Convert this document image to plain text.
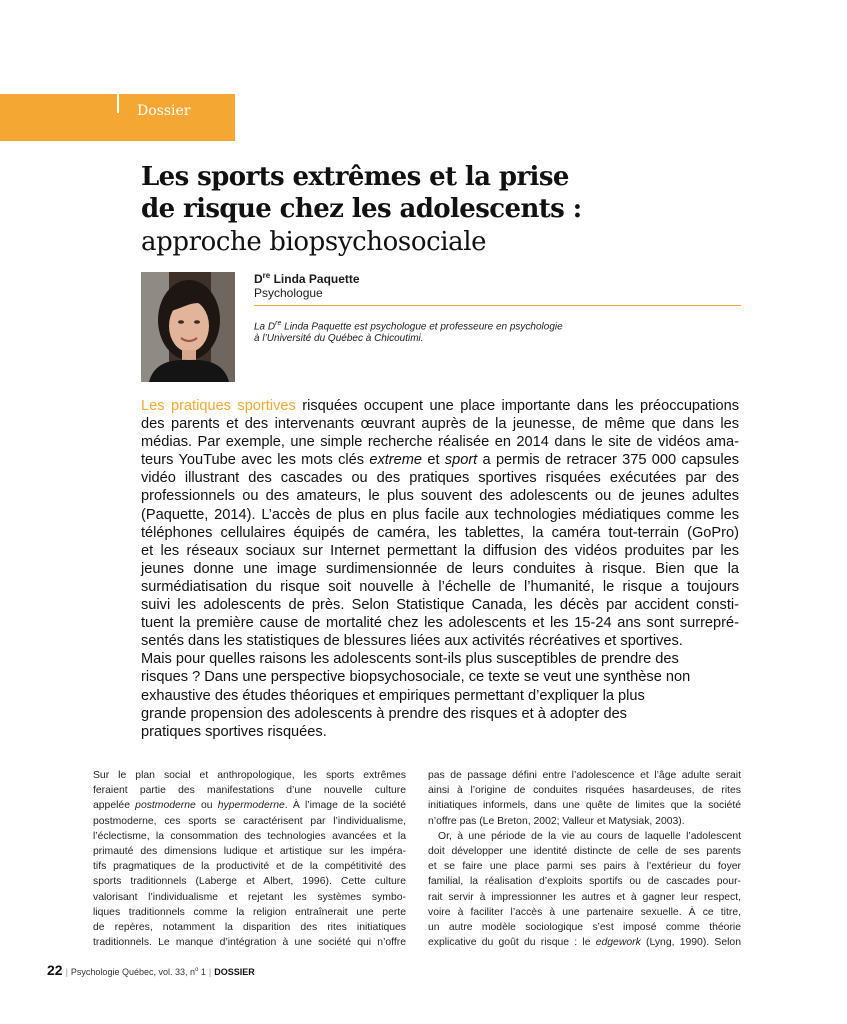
Dossier
Les sports extrêmes et la prise
de risque chez les adolescents :
approche biopsychosociale
Dre Linda Paquette
Psychologue
La Dre Linda Paquette est psychologue et professeure en psychologie
à l’Université du Québec à Chicoutimi.
Les pratiques sportives risquées occupent une place importante dans les préoccupations
des parents et des intervenants œuvrant auprès de la jeunesse, de même que dans les
médias. Par exemple, une simple recherche réalisée en 2014 dans le site de vidéos ama-
teurs YouTube avec les mots clés extreme et sport a permis de retracer 375 000 capsules
vidéo illustrant des cascades ou des pratiques sportives risquées exécutées par des
professionnels ou des amateurs, le plus souvent des adolescents ou de jeunes adultes
(Paquette, 2014). L’accès de plus en plus facile aux technologies médiatiques comme les
téléphones cellulaires équipés de caméra, les tablettes, la caméra tout-terrain (GoPro)
et les réseaux sociaux sur Internet permettant la diffusion des vidéos produites par les
jeunes donne une image surdimensionnée de leurs conduites à risque. Bien que la
surmédiatisation du risque soit nouvelle à l’échelle de l’humanité, le risque a toujours
suivi les adolescents de près. Selon Statistique Canada, les décès par accident consti-
tuent la première cause de mortalité chez les adolescents et les 15-24 ans sont surrepré-
sentés dans les statistiques de blessures liées aux activités récréatives et sportives.
Mais pour quelles raisons les adolescents sont-ils plus susceptibles de prendre des
risques ? Dans une perspective biopsychosociale, ce texte se veut une synthèse non
exhaustive des études théoriques et empiriques permettant d’expliquer la plus
grande propension des adolescents à prendre des risques et à adopter des
pratiques sportives risquées.
Sur le plan social et anthropologique, les sports extrêmes
feraient partie des manifestations d’une nouvelle culture
appelée postmoderne ou hypermoderne. À l’image de la société
postmoderne, ces sports se caractérisent par l’individualisme,
l’éclectisme, la consommation des technologies avancées et la
primauté des dimensions ludique et artistique sur les impéra-
tifs pragmatiques de la productivité et de la compétitivité des
sports traditionnels (Laberge et Albert, 1996). Cette culture
valorisant l’individualisme et rejetant les systèmes symbo-
liques traditionnels comme la religion entraînerait une perte
de repères, notamment la disparition des rites initiatiques
traditionnels. Le manque d’intégration à une société qui n’offre
pas de passage défini entre l’adolescence et l’âge adulte serait
ainsi à l’origine de conduites risquées hasardeuses, de rites
initiatiques informels, dans une quête de limites que la société
n’offre pas (Le Breton, 2002; Valleur et Matysiak, 2003).
Or, à une période de la vie au cours de laquelle l’adolescent
doit développer une identité distincte de celle de ses parents
et se faire une place parmi ses pairs à l’extérieur du foyer
familial, la réalisation d’exploits sportifs ou de cascades pour-
rait servir à impressionner les autres et à gagner leur respect,
voire à faciliter l’accès à une partenaire sexuelle. À ce titre,
un autre modèle sociologique s’est imposé comme théorie
explicative du goût du risque : le edgework (Lyng, 1990). Selon
22 | Psychologie Québec, vol. 33, $n^o$ 1 | DOSSIER
